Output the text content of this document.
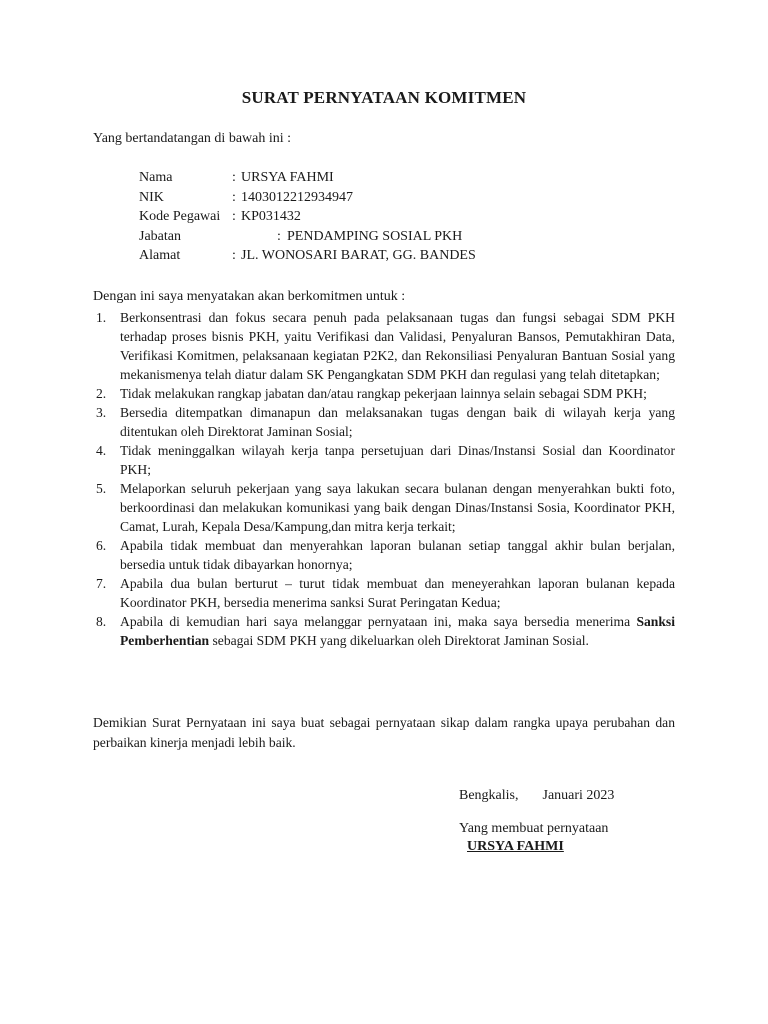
SURAT PERNYATAAN KOMITMEN
Yang bertandatangan di bawah ini :
Nama	: URSYA FAHMI
NIK	: 1403012212934947
Kode Pegawai : KP031432
Jabatan	: PENDAMPING SOSIAL PKH
Alamat	: JL. WONOSARI BARAT, GG. BANDES
Dengan ini saya menyatakan akan berkomitmen untuk :
1. Berkonsentrasi dan fokus secara penuh pada pelaksanaan tugas dan fungsi sebagai SDM PKH terhadap proses bisnis PKH, yaitu Verifikasi dan Validasi, Penyaluran Bansos, Pemutakhiran Data, Verifikasi Komitmen, pelaksanaan kegiatan P2K2, dan Rekonsiliasi Penyaluran Bantuan Sosial yang mekanismenya telah diatur dalam SK Pengangkatan SDM PKH dan regulasi yang telah ditetapkan;
2. Tidak melakukan rangkap jabatan dan/atau rangkap pekerjaan lainnya selain sebagai SDM PKH;
3. Bersedia ditempatkan dimanapun dan melaksanakan tugas dengan baik di wilayah kerja yang ditentukan oleh Direktorat Jaminan Sosial;
4. Tidak meninggalkan wilayah kerja tanpa persetujuan dari Dinas/Instansi Sosial dan Koordinator PKH;
5. Melaporkan seluruh pekerjaan yang saya lakukan secara bulanan dengan menyerahkan bukti foto, berkoordinasi dan melakukan komunikasi yang baik dengan Dinas/Instansi Sosia, Koordinator PKH, Camat, Lurah, Kepala Desa/Kampung,dan mitra kerja terkait;
6. Apabila tidak membuat dan menyerahkan laporan bulanan setiap tanggal akhir bulan berjalan, bersedia untuk tidak dibayarkan honornya;
7. Apabila dua bulan berturut – turut tidak membuat dan meneyerahkan laporan bulanan kepada Koordinator PKH, bersedia menerima sanksi Surat Peringatan Kedua;
8. Apabila di kemudian hari saya melanggar pernyataan ini, maka saya bersedia menerima Sanksi Pemberhentian sebagai SDM PKH yang dikeluarkan oleh Direktorat Jaminan Sosial.
Demikian Surat Pernyataan ini saya buat sebagai pernyataan sikap dalam rangka upaya perubahan dan perbaikan kinerja menjadi lebih baik.
Bengkalis, Januari 2023
Yang membuat pernyataan
URSYA FAHMI
